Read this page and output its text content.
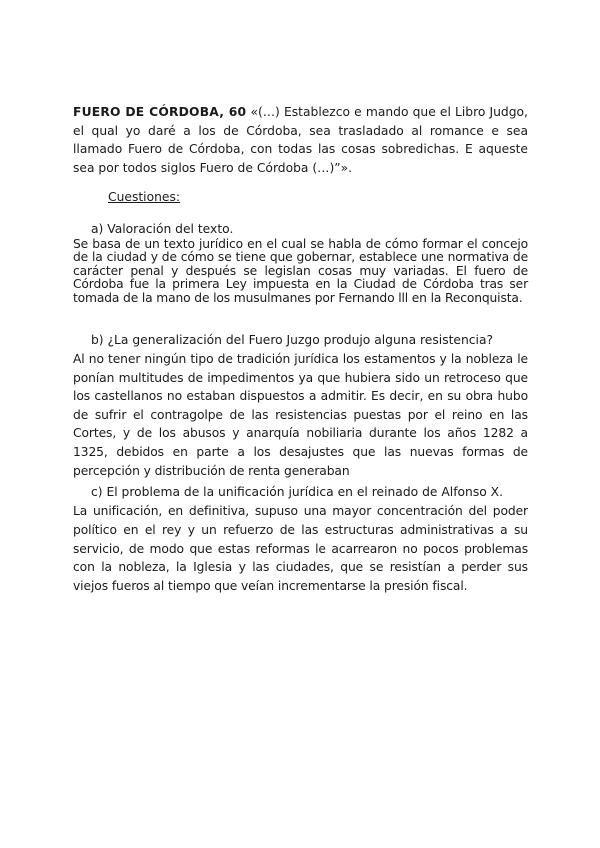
FUERO DE CÓRDOBA, 60 «(…) Establezco e mando que el Libro Judgo, el qual yo daré a los de Córdoba, sea trasladado al romance e sea llamado Fuero de Córdoba, con todas las cosas sobredichas. E aqueste sea por todos siglos Fuero de Córdoba (…)”».

Cuestiones:
a) Valoración del texto.

Se basa de un texto jurídico en el cual se habla de cómo formar el concejo de la ciudad y de cómo se tiene que gobernar, establece une normativa de carácter penal y después se legislan cosas muy variadas. El fuero de Córdoba fue la primera Ley impuesta en la Ciudad de Córdoba tras ser tomada de la mano de los musulmanes por Fernando lll en la Reconquista.

b) ¿La generalización del Fuero Juzgo produjo alguna resistencia?

Al no tener ningún tipo de tradición jurídica los estamentos y la nobleza le ponían multitudes de impedimentos ya que hubiera sido un retroceso que los castellanos no estaban dispuestos a admitir. Es decir, en su obra hubo de sufrir el contragolpe de las resistencias puestas por el reino en las Cortes, y de los abusos y anarquía nobiliaria durante los años 1282 a 1325, debidos en parte a los desajustes que las nuevas formas de percepción y distribución de renta generaban

c) El problema de la unificación jurídica en el reinado de Alfonso X.

La unificación, en definitiva, supuso una mayor concentración del poder político en el rey y un refuerzo de las estructuras administrativas a su servicio, de modo que estas reformas le acarrearon no pocos problemas con la nobleza, la Iglesia y las ciudades, que se resistían a perder sus viejos fueros al tiempo que veían incrementarse la presión fiscal.
